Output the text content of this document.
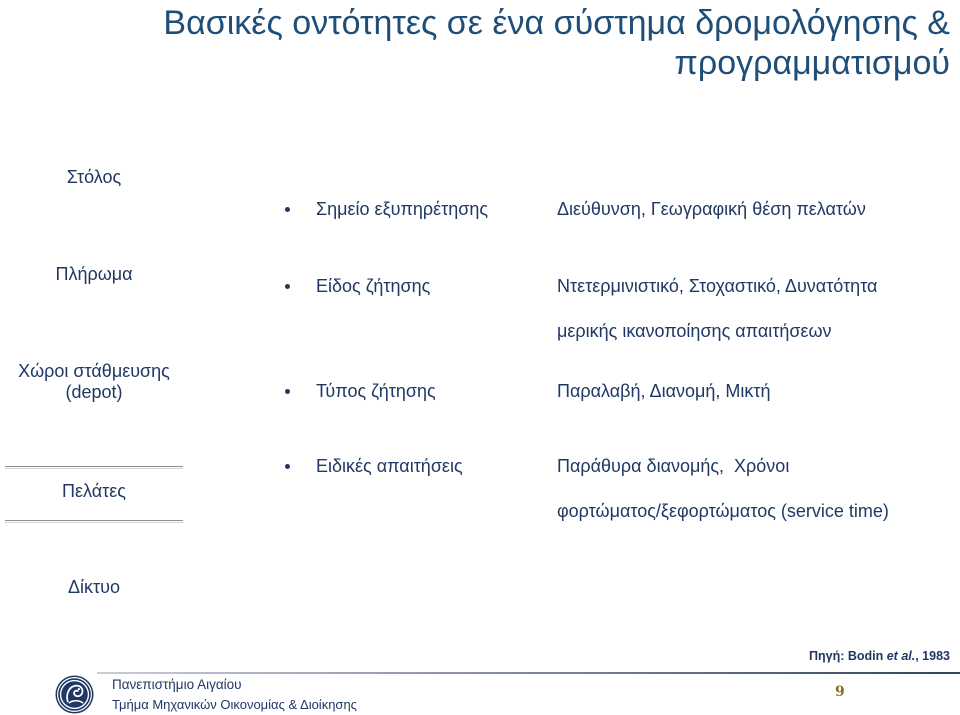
Βασικές οντότητες σε ένα σύστημα δρομολόγησης &
προγραμματισμού
Στόλος
Πλήρωμα
Χώροι στάθμευσης
(depot)
Πελάτες
Δίκτυο
Σημείο εξυπηρέτησης	Διεύθυνση, Γεωγραφική θέση πελατών
Είδος ζήτησης	Ντετερμινιστικό, Στοχαστικό, Δυνατότητα
μερικής ικανοποίησης απαιτήσεων
Τύπος ζήτησης	Παραλαβή, Διανομή, Μικτή
Ειδικές απαιτήσεις	Παράθυρα διανομής,  Χρόνοι
φορτώματος/ξεφορτώματος (service time)
Πηγή: Bodin et al., 1983
Πανεπιστήμιο Αιγαίου
Τμήμα Μηχανικών Οικονομίας & Διοίκησης
9
